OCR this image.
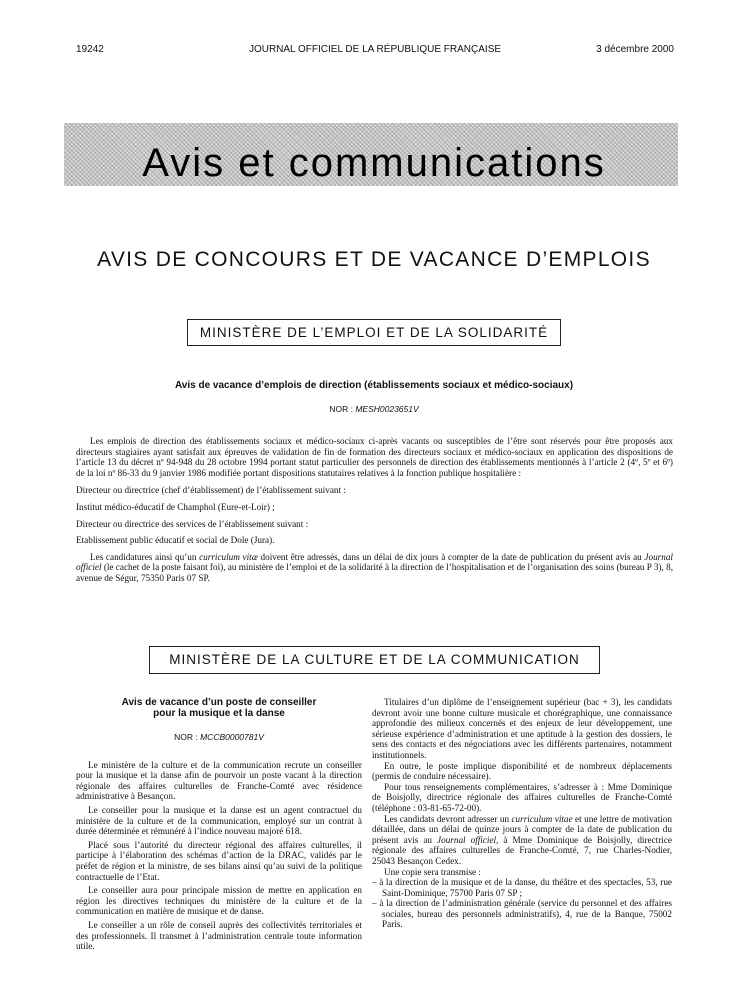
19242	JOURNAL OFFICIEL DE LA RÉPUBLIQUE FRANÇAISE	3 décembre 2000
Avis et communications
AVIS DE CONCOURS ET DE VACANCE D’EMPLOIS
MINISTÈRE DE L’EMPLOI ET DE LA SOLIDARITÉ
Avis de vacance d’emplois de direction (établissements sociaux et médico-sociaux)
NOR : MESH0023651V

Les emplois de direction des établissements sociaux et médico-sociaux ci-après vacants ou susceptibles de l’être sont réservés pour être proposés aux directeurs stagiaires ayant satisfait aux épreuves de validation de fin de formation des directeurs sociaux et médico-sociaux en application des dispositions de l’article 13 du décret nº 94-948 du 28 octobre 1994 portant statut particulier des personnels de direction des établissements mentionnés à l’article 2 (4º, 5º et 6º) de la loi nº 86-33 du 9 janvier 1986 modifiée portant dispositions statutaires relatives à la fonction publique hospitalière :

Directeur ou directrice (chef d’établissement) de l’établissement suivant :

Institut médico-éducatif de Champhol (Eure-et-Loir) ;

Directeur ou directrice des services de l’établissement suivant :

Etablissement public éducatif et social de Dole (Jura).

Les candidatures ainsi qu’un curriculum vitæ doivent être adressés, dans un délai de dix jours à compter de la date de publication du présent avis au Journal officiel (le cachet de la poste faisant foi), au ministère de l’emploi et de la solidarité à la direction de l’hospitalisation et de l’organisation des soins (bureau P 3), 8, avenue de Ségur, 75350 Paris 07 SP.

MINISTÈRE DE LA CULTURE ET DE LA COMMUNICATION

Avis de vacance d’un poste de conseiller
pour la musique et la danse

NOR : MCCB0000781V

Le ministère de la culture et de la communication recrute un conseiller pour la musique et la danse afin de pourvoir un poste vacant à la direction régionale des affaires culturelles de Franche-Comté avec résidence administrative à Besançon.

Le conseiller pour la musique et la danse est un agent contractuel du ministère de la culture et de la communication, employé sur un contrat à durée déterminée et rémunéré à l’indice nouveau majoré 618.

Placé sous l’autorité du directeur régional des affaires culturelles, il participe à l’élaboration des schémas d’action de la DRAC, validés par le préfet de région et la ministre, de ses bilans ainsi qu’au suivi de la politique contractuelle de l’Etat.

Le conseiller aura pour principale mission de mettre en application en région les directives techniques du ministère de la culture et de la communication en matière de musique et de danse.

Le conseiller a un rôle de conseil auprès des collectivités territoriales et des professionnels. Il transmet à l’administration centrale toute information utile.

Titulaires d’un diplôme de l’enseignement supérieur (bac + 3), les candidats devront avoir une bonne culture musicale et chorégraphique, une connaissance approfondie des milieux concernés et des enjeux de leur développement, une sérieuse expérience d’administration et une aptitude à la gestion des dossiers, le sens des contacts et des négociations avec les différents partenaires, notamment institutionnels.

En outre, le poste implique disponibilité et de nombreux déplacements (permis de conduire nécessaire).

Pour tous renseignements complémentaires, s’adresser à : Mme Dominique de Boisjolly, directrice régionale des affaires culturelles de Franche-Comté (téléphone : 03-81-65-72-00).

Les candidats devront adresser un curriculum vitae et une lettre de motivation détaillée, dans un délai de quinze jours à compter de la date de publication du présent avis au Journal officiel, à Mme Dominique de Boisjolly, directrice régionale des affaires culturelles de Franche-Comté, 7, rue Charles-Nodier, 25043 Besançon Cedex.

Une copie sera transmise :

– à la direction de la musique et de la danse, du théâtre et des spectacles, 53, rue Saint-Dominique, 75700 Paris 07 SP ;
– à la direction de l’administration générale (service du personnel et des affaires sociales, bureau des personnels administratifs), 4, rue de la Banque, 75002 Paris.
